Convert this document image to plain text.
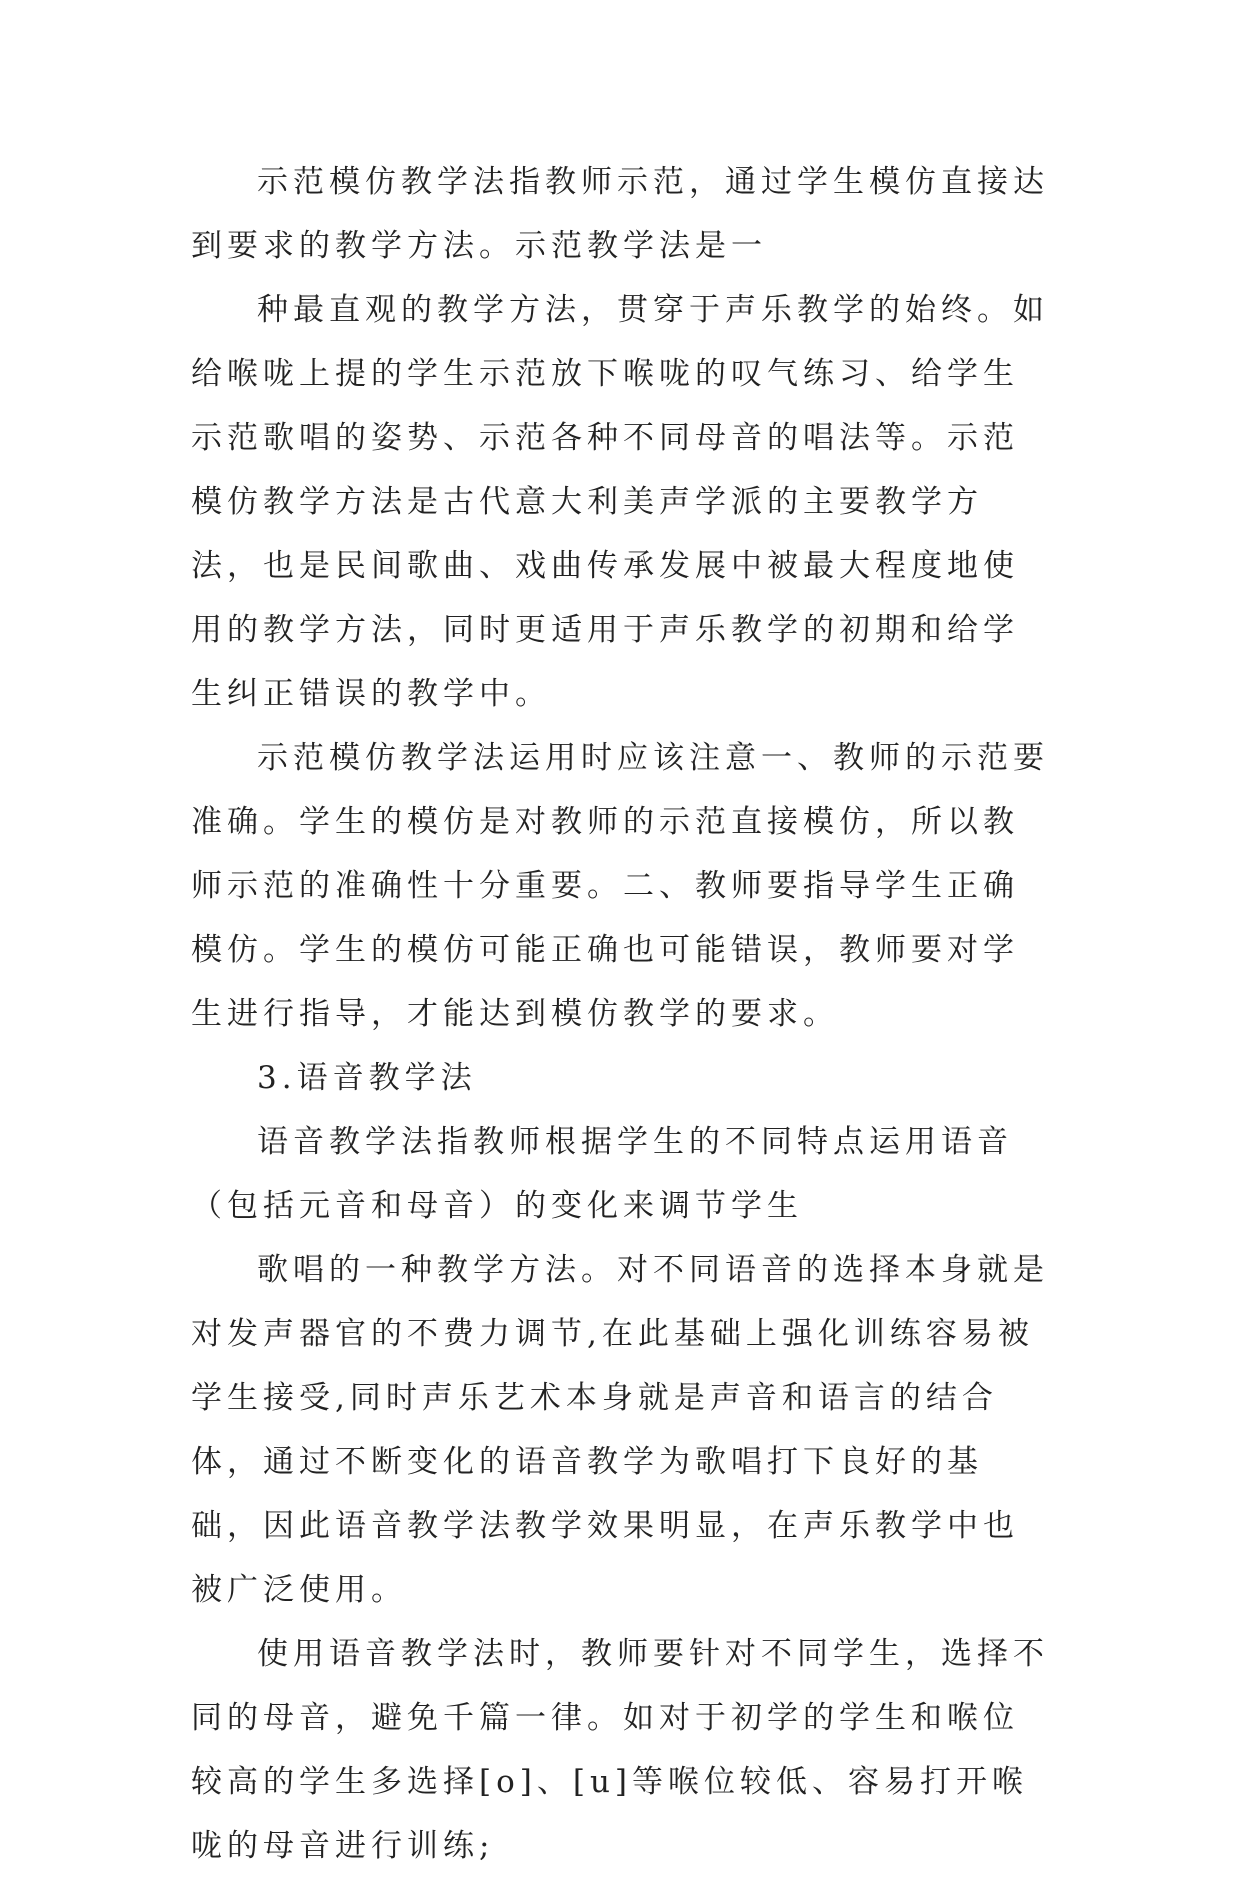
示范模仿教学法指教师示范，通过学生模仿直接达到要求的教学方法。示范教学法是一

种最直观的教学方法，贯穿于声乐教学的始终。如给喉咙上提的学生示范放下喉咙的叹气练习、给学生示范歌唱的姿势、示范各种不同母音的唱法等。示范模仿教学方法是古代意大利美声学派的主要教学方法，也是民间歌曲、戏曲传承发展中被最大程度地使用的教学方法，同时更适用于声乐教学的初期和给学生纠正错误的教学中。

示范模仿教学法运用时应该注意一、教师的示范要准确。学生的模仿是对教师的示范直接模仿，所以教师示范的准确性十分重要。二、教师要指导学生正确模仿。学生的模仿可能正确也可能错误，教师要对学生进行指导，才能达到模仿教学的要求。

3.语音教学法

语音教学法指教师根据学生的不同特点运用语音（包括元音和母音）的变化来调节学生

歌唱的一种教学方法。对不同语音的选择本身就是对发声器官的不费力调节,在此基础上强化训练容易被学生接受,同时声乐艺术本身就是声音和语言的结合体，通过不断变化的语音教学为歌唱打下良好的基础，因此语音教学法教学效果明显，在声乐教学中也被广泛使用。

使用语音教学法时，教师要针对不同学生，选择不同的母音，避免千篇一律。如对于初学的学生和喉位较高的学生多选择[o]、[u]等喉位较低、容易打开喉咙的母音进行训练;
